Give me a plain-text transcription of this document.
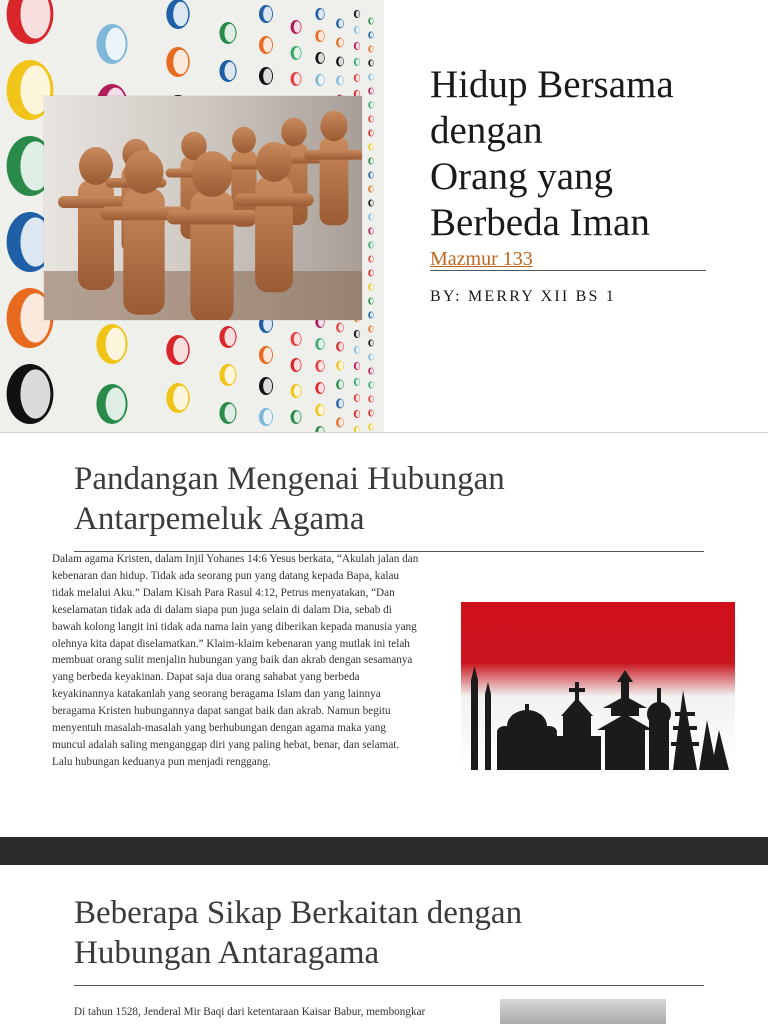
Hidup Bersama
dengan
Orang yang
Berbeda Iman
Mazmur 133
BY: MERRY XII BS 1
Pandangan Mengenai Hubungan
Antarpemeluk Agama

Dalam agama Kristen, dalam Injil Yohanes 14:6 Yesus berkata, “Akulah jalan dan kebenaran dan hidup. Tidak ada seorang pun yang datang kepada Bapa, kalau tidak melalui Aku.” Dalam Kisah Para Rasul 4:12, Petrus menyatakan, “Dan keselamatan tidak ada di dalam siapa pun juga selain di dalam Dia, sebab di bawah kolong langit ini tidak ada nama lain yang diberikan kepada manusia yang olehnya kita dapat diselamatkan.” Klaim-klaim kebenaran yang mutlak ini telah membuat orang sulit menjalin hubungan yang baik dan akrab dengan sesamanya yang berbeda keyakinan. Dapat saja dua orang sahabat yang berbeda keyakinannya katakanlah yang seorang beragama Islam dan yang lainnya beragama Kristen hubungannya dapat sangat baik dan akrab. Namun begitu menyentuh masalah-masalah yang berhubungan dengan agama maka yang muncul adalah saling menganggap diri yang paling hebat, benar, dan selamat. Lalu hubungan keduanya pun menjadi renggang.

Beberapa Sikap Berkaitan dengan
Hubungan Antaragama

Di tahun 1528, Jenderal Mir Baqi dari ketentaraan Kaisar Babur, membongkar
